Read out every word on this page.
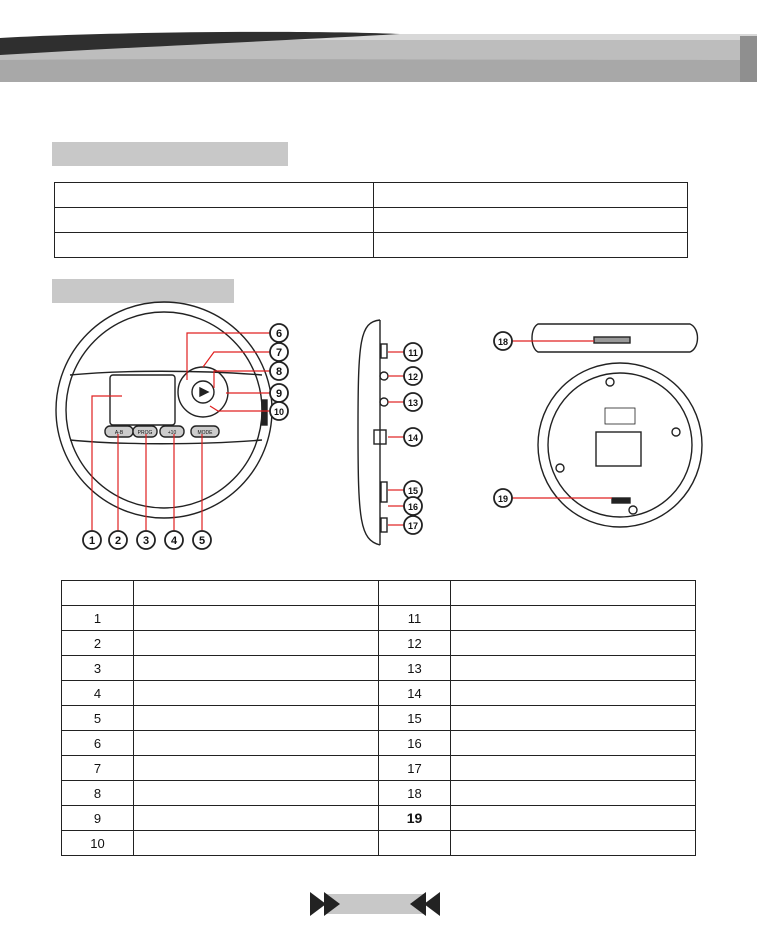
1 2 3 4 5
6
7
8
9
10
11
12
13
14
15
16
17
18
19
A-B	PROG	+10	MODE

1		11	
2		12	
3		13	
4		14	
5		15	
6		16	
7		17	
8		18	
9		19	
10			
